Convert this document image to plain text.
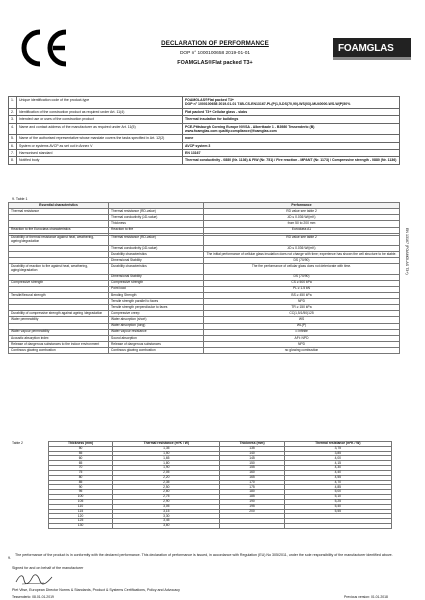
DECLARATION OF PERFORMANCE
DOP n° 1000100658 2019-01-01
FOAMGLAS®Flat packed T3+
FOAMGLAS
EN 13167 (FOAMGLAS T3+)
1.	Unique identification code of the product-type	FOAMGLAS®Flat packed T3+
DOP n° 1000100658 2019-01-01 T4B-CS-EN13167-PL(P)1,5-DS(70,90)-WS(03)-MU40000-WS-W(P)50%
2.	Identification of the construction product as required under Art. 11(4)	Flat packed T3+ Cellular glass - slabs
3.	Intended use or uses of the construction product	Thermal insulation for buildings
4.	Name and contact address of the manufacturer as required under Art. 11(5)	PCE-Pittsburgh Corning Europe NV/SA - Albertkade 1 - B3980 Tessenderlo (B)
www.foamglas.com quality.compliance@foamglas.com
5.	Name of the authorised representative whose mandate covers the tasks specified in Art. 12(2)	none
6.	System or systems AVCP as set out in Annex V	AVCP system 3
7.	Harmonised standard	EN 13167
8.	Notified body	Thermal conductivity - 0880 (Nr. 1136) & FIW (Nr. 751) / Fire reaction - MPANT (Nr. 1173) / Compressive strength - 0880 (Nr. 1136)
9. Table 1
Essential characteristics		Performance
Thermal resistance	Thermal resistance (RD-value)	RD value see table 2
	Thermal conductivity (λD-value)	λD ≤ 0.036 W/(mK)
	Thickness	from 50 to 200 mm
Reaction to fire Euroclass characteristics	Reaction to fire	Euroclass A1

Durability of thermal resistance against heat, weathering, ageing/degradation	Thermal resistance (RD-value)	RD value see table 2
	Thermal conductivity (λD-value)	λD ≤ 0.036 W/(mK)
	Durability characteristics	The initial performance of cellular glass insulation does not change with time; experience has shown the cell structure to be stable.
	Dimensional Stability	DS (70/90)
Durability of reaction to fire against heat, weathering, aging/degradation	Durability characteristics	The fire performance of cellular glass does not deteriorate with time.
	Dimensional Stability	DS (70/90)
Compressive strength	Compressive strength	CS ≥ 500 kPa
	Point load	PL ≥ 1.5 kN
Tensile/flexural strength	Bending Strength	BS ≥ 450 kPa
	Tensile strength parallel to faces	NPD
	Tensile strength perpendicular to faces	TR ≥ 150 kPa
Durability of compressive strength against ageing /degradation	Compressive creep	CC(1,5/1/50)125
Water permeability	Water absorption (short)	WS
	Water absorption (long)	WL(P)
Water vapour permeability	Water vapour resistance	∞ infinite
Acoustic absorption index	Sound absorption	AFt: NPD
Release of dangerous substances to the indoor environment	Release of dangerous substances	NPD
Continous glowing combustion	Continous glowing combustion	no glowing combustion
Table 2	Thickness (mm)	Thermal resistance (m²K / W)	Thickness (mm)	Thermal resistance (m²K / W)
50	1,35	135	3,75
55	1,50	140	3,85
60	1,65	145	4,00
65	1,80	150	4,15
70	1,90	155	4,30
75	2,05	160	4,40
80	2,20	165	4,55
85	2,35	170	4,70
90	2,50	175	4,85
95	2,60	180	5,00
100	2,75	185	5,10
105	2,90	190	5,25
110	3,05	195	5,40
115	3,15	200	5,55
120	3,30		
125	3,45		
130	3,60		
9.
The performance of the product is in conformity with the declared performance. This declaration of performance is issued, in accordance with Regulation (EU) No 305/2011, under the sole responsibility of the manufacturer identified above.
Signed for and on behalf of the manufacturer
Piet Vitse, European Director Norms & Standards, Product & Systems Certifications, Policy and Advocacy
Tessenderlo: 08.01.01.2019	Previous version: 01.01.2018
